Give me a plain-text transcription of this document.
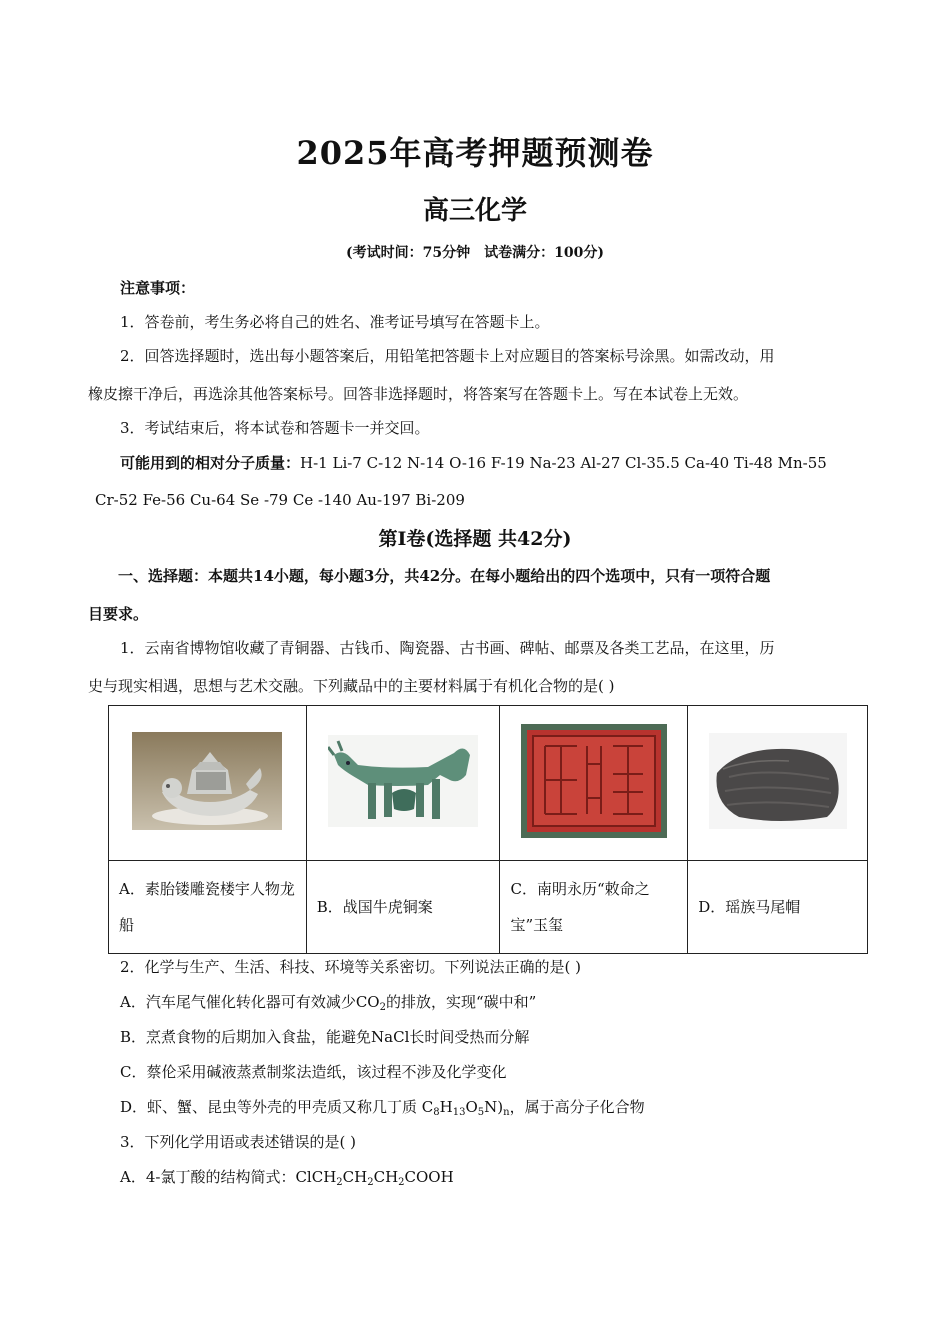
2025年高考押题预测卷
高三化学
(考试时间：75分钟　试卷满分：100分)
注意事项：
1．答卷前，考生务必将自己的姓名、准考证号填写在答题卡上。
2．回答选择题时，选出每小题答案后，用铅笔把答题卡上对应题目的答案标号涂黑。如需改动，用
橡皮擦干净后，再选涂其他答案标号。回答非选择题时，将答案写在答题卡上。写在本试卷上无效。
3．考试结束后，将本试卷和答题卡一并交回。
可能用到的相对分子质量：H-1 Li-7 C-12 N-14 O-16 F-19 Na-23 Al-27 Cl-35.5 Ca-40 Ti-48 Mn-55
Cr-52 Fe-56 Cu-64 Se -79 Ce -140 Au-197 Bi-209
第Ⅰ卷(选择题 共42分)
一、选择题：本题共14小题，每小题3分，共42分。在每小题给出的四个选项中，只有一项符合题
目要求。
1．云南省博物馆收藏了青铜器、古钱币、陶瓷器、古书画、碑帖、邮票及各类工艺品，在这里，历
史与现实相遇，思想与艺术交融。下列藏品中的主要材料属于有机化合物的是( )

A．素胎镂雕瓷楼宇人物龙船	B．战国牛虎铜案	C．南明永历“敕命之宝”玉玺	D．瑶族马尾帽
2．化学与生产、生活、科技、环境等关系密切。下列说法正确的是( )
A．汽车尾气催化转化器可有效减少$CO_2$的排放，实现“碳中和”
B．烹煮食物的后期加入食盐，能避免NaCl长时间受热而分解
C．蔡伦采用碱液蒸煮制浆法造纸，该过程不涉及化学变化
D．虾、蟹、昆虫等外壳的甲壳质又称几丁质 $C_8H_{13}O_5N)_n$，属于高分子化合物
3．下列化学用语或表述错误的是( )
A．4-氯丁酸的结构简式：$ClCH_2CH_2CH_2COOH$
